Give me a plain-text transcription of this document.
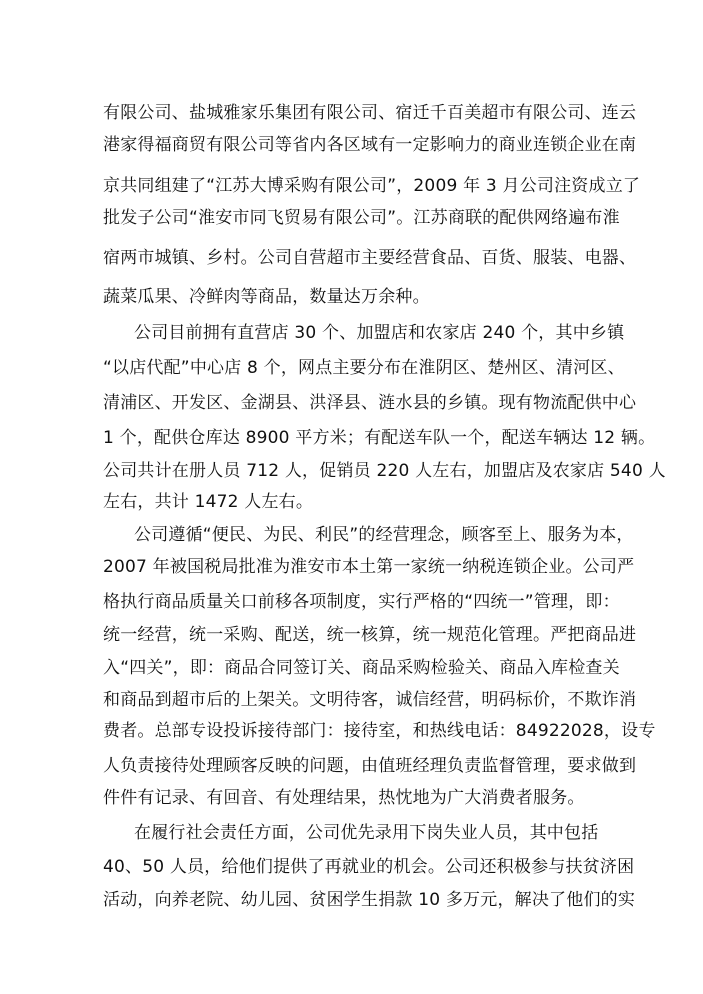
有限公司、盐城雅家乐集团有限公司、宿迁千百美超市有限公司、连云
港家得福商贸有限公司等省内各区域有一定影响力的商业连锁企业在南
京共同组建了“江苏大博采购有限公司”，2009 年 3 月公司注资成立了
批发子公司“淮安市同飞贸易有限公司”。江苏商联的配供网络遍布淮
宿两市城镇、乡村。公司自营超市主要经营食品、百货、服装、电器、
蔬菜瓜果、冷鲜肉等商品，数量达万余种。
公司目前拥有直营店 30 个、加盟店和农家店 240 个，其中乡镇
“以店代配”中心店 8 个，网点主要分布在淮阴区、楚州区、清河区、
清浦区、开发区、金湖县、洪泽县、涟水县的乡镇。现有物流配供中心
1 个，配供仓库达 8900 平方米；有配送车队一个，配送车辆达 12 辆。
公司共计在册人员 712 人，促销员 220 人左右，加盟店及农家店 540 人
左右，共计 1472 人左右。
公司遵循“便民、为民、利民”的经营理念，顾客至上、服务为本，
2007 年被国税局批准为淮安市本土第一家统一纳税连锁企业。公司严
格执行商品质量关口前移各项制度，实行严格的“四统一”管理，即：
统一经营，统一采购、配送，统一核算，统一规范化管理。严把商品进
入“四关”，即：商品合同签订关、商品采购检验关、商品入库检查关
和商品到超市后的上架关。文明待客，诚信经营，明码标价，不欺诈消
费者。总部专设投诉接待部门：接待室，和热线电话：84922028，设专
人负责接待处理顾客反映的问题，由值班经理负责监督管理，要求做到
件件有记录、有回音、有处理结果，热忱地为广大消费者服务。
在履行社会责任方面，公司优先录用下岗失业人员，其中包括
40、50 人员，给他们提供了再就业的机会。公司还积极参与扶贫济困
活动，向养老院、幼儿园、贫困学生捐款 10 多万元，解决了他们的实
